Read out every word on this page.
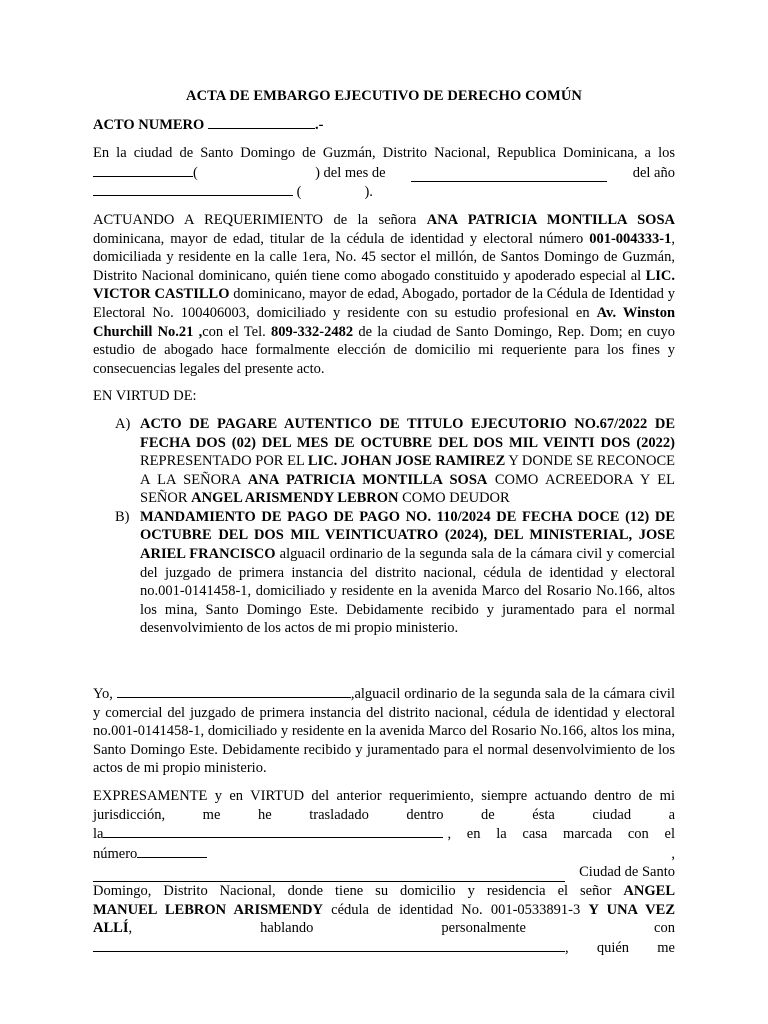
ACTA DE EMBARGO EJECUTIVO DE DERECHO COMÚN
ACTO NUMERO	.-

En la ciudad de Santo Domingo de Guzmán, Distrito Nacional, Republica Dominicana, a los

(	) del mes de	del año
(	).

ACTUANDO A REQUERIMIENTO de la señora ANA PATRICIA MONTILLA SOSA dominicana, mayor de edad, titular de la cédula de identidad y electoral número 001-004333-1, domiciliada y residente en la calle 1era, No. 45 sector el millón, de Santos Domingo de Guzmán, Distrito Nacional dominicano, quién tiene como abogado constituido y apoderado especial al LIC. VICTOR CASTILLO dominicano, mayor de edad, Abogado, portador de la Cédula de Identidad y Electoral No. 100406003, domiciliado y residente con su estudio profesional en Av. Winston Churchill No.21 ,con el Tel. 809-332-2482 de la ciudad de Santo Domingo, Rep. Dom; en cuyo estudio de abogado hace formalmente elección de domicilio mi requeriente para los fines y consecuencias legales del presente acto.

EN VIRTUD DE:
A) ACTO DE PAGARE AUTENTICO DE TITULO EJECUTORIO NO.67/2022 DE FECHA DOS (02) DEL MES DE OCTUBRE DEL DOS MIL VEINTI DOS (2022) REPRESENTADO POR EL LIC. JOHAN JOSE RAMIREZ Y DONDE SE RECONOCE A LA SEÑORA ANA PATRICIA MONTILLA SOSA COMO ACREEDORA Y EL SEÑOR ANGEL ARISMENDY LEBRON COMO DEUDOR
B) MANDAMIENTO DE PAGO DE PAGO NO. 110/2024 DE FECHA DOCE (12) DE OCTUBRE DEL DOS MIL VEINTICUATRO (2024), DEL MINISTERIAL, JOSE ARIEL FRANCISCO alguacil ordinario de la segunda sala de la cámara civil y comercial del juzgado de primera instancia del distrito nacional, cédula de identidad y electoral no.001-0141458-1, domiciliado y residente en la avenida Marco del Rosario No.166, altos los mina, Santo Domingo Este. Debidamente recibido y juramentado para el normal desenvolvimiento de los actos de mi propio ministerio.

Yo,	,alguacil ordinario de la segunda sala de la cámara civil y comercial del juzgado de primera instancia del distrito nacional, cédula de identidad y electoral no.001-0141458-1, domiciliado y residente en la avenida Marco del Rosario No.166, altos los mina, Santo Domingo Este. Debidamente recibido y juramentado para el normal desenvolvimiento de los actos de mi propio ministerio.

EXPRESAMENTE y en VIRTUD del anterior requerimiento, siempre actuando dentro de mi

jurisdicción,	me	he	trasladado	dentro	de	ésta	ciudad	a

la	, en la casa marcada con el
número	,
Ciudad de Santo

Domingo, Distrito Nacional, donde tiene su domicilio y residencia el señor ANGEL

MANUEL LEBRON ARISMENDY cédula de identidad No. 001-0533891-3 Y UNA VEZ

ALLÍ,	hablando	personalmente	con
, quién me
